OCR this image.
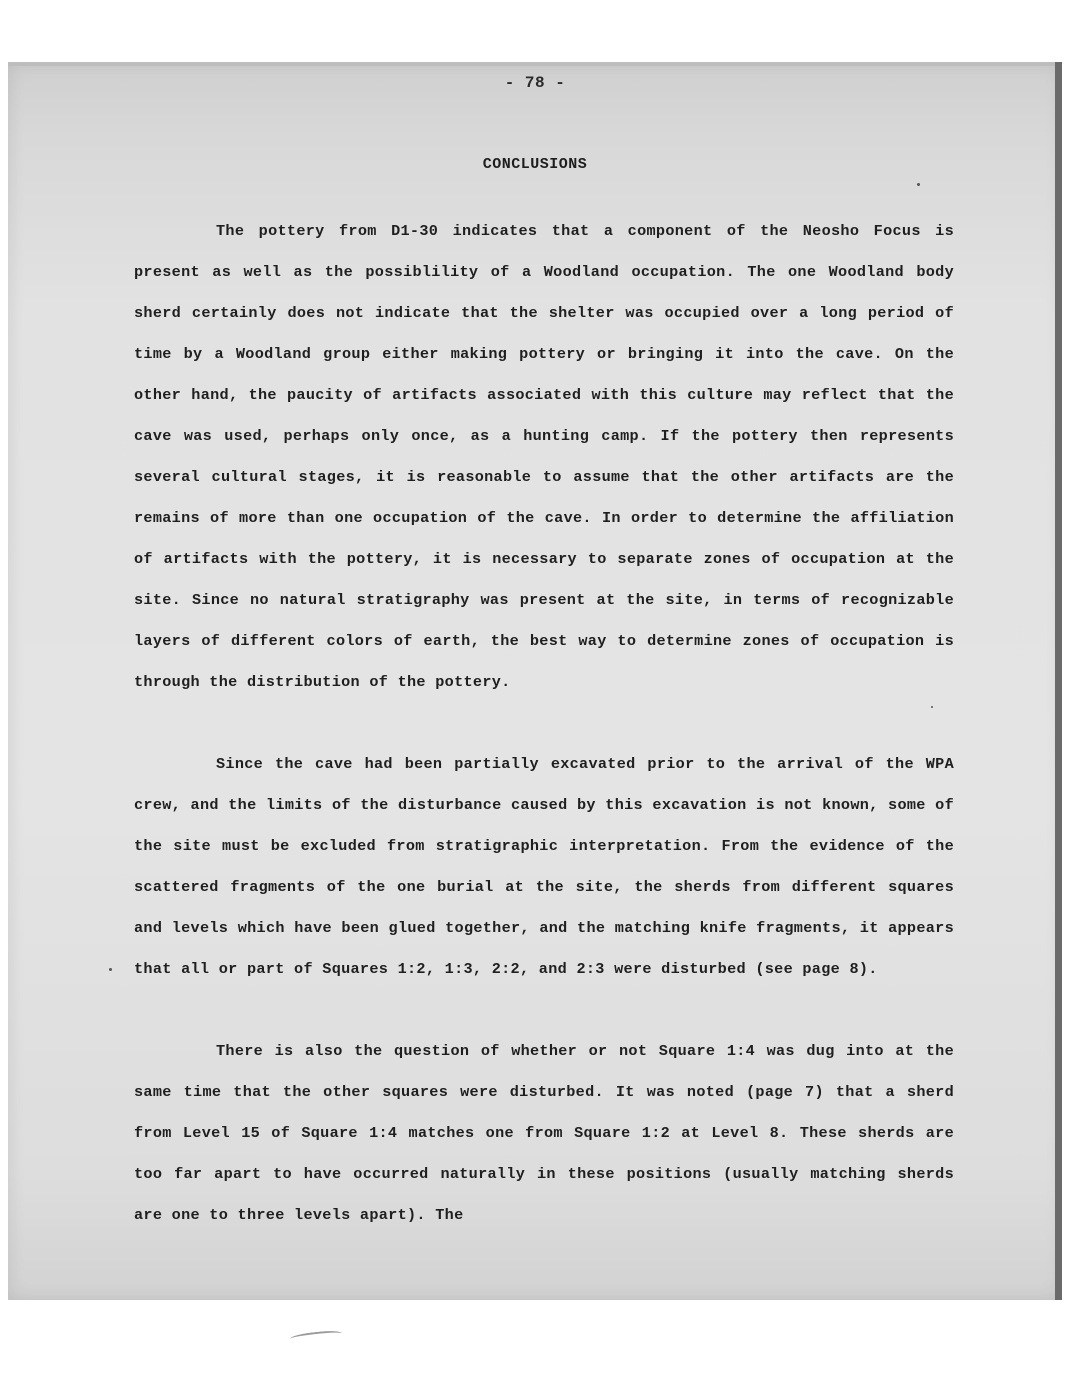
- 78 -
CONCLUSIONS
The pottery from D1-30 indicates that a component of the Neosho Focus is present as well as the possiblility of a Woodland occupation. The one Woodland body sherd certainly does not indicate that the shelter was occupied over a long period of time by a Woodland group either making pottery or bringing it into the cave. On the other hand, the paucity of artifacts associated with this culture may reflect that the cave was used, perhaps only once, as a hunting camp. If the pottery then represents several cultural stages, it is reasonable to assume that the other artifacts are the remains of more than one occupation of the cave. In order to determine the affiliation of artifacts with the pottery, it is necessary to separate zones of occupation at the site. Since no natural stratigraphy was present at the site, in terms of recognizable layers of different colors of earth, the best way to determine zones of occupation is through the distribution of the pottery.
Since the cave had been partially excavated prior to the arrival of the WPA crew, and the limits of the disturbance caused by this excavation is not known, some of the site must be excluded from stratigraphic interpretation. From the evidence of the scattered fragments of the one burial at the site, the sherds from different squares and levels which have been glued together, and the matching knife fragments, it appears that all or part of Squares 1:2, 1:3, 2:2, and 2:3 were disturbed (see page 8).
There is also the question of whether or not Square 1:4 was dug into at the same time that the other squares were disturbed. It was noted (page 7) that a sherd from Level 15 of Square 1:4 matches one from Square 1:2 at Level 8. These sherds are too far apart to have occurred naturally in these positions (usually matching sherds are one to three levels apart). The
